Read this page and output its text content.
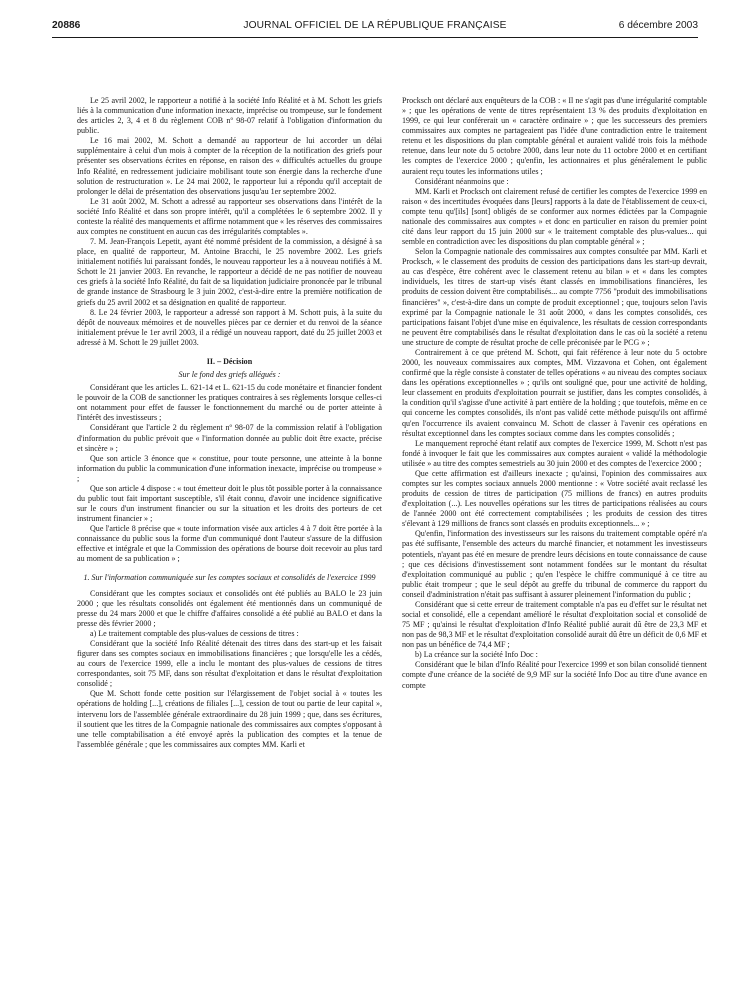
20886	JOURNAL OFFICIEL DE LA RÉPUBLIQUE FRANÇAISE	6 décembre 2003

Le 25 avril 2002, le rapporteur a notifié à la société Info Réalité et à M. Schott les griefs liés à la communication d'une information inexacte, imprécise ou trompeuse, sur le fondement des articles 2, 3, 4 et 8 du règlement COB nº 98-07 relatif à l'obligation d'information du public.

Le 16 mai 2002, M. Schott a demandé au rapporteur de lui accorder un délai supplémentaire à celui d'un mois à compter de la réception de la notification des griefs pour présenter ses observations écrites en réponse, en raison des « difficultés actuelles du groupe Info Réalité, en redressement judiciaire mobilisant toute son énergie dans la recherche d'une solution de restructuration ». Le 24 mai 2002, le rapporteur lui a répondu qu'il acceptait de prolonger le délai de présentation des observations jusqu'au 1er septembre 2002.

Le 31 août 2002, M. Schott a adressé au rapporteur ses observations dans l'intérêt de la société Info Réalité et dans son propre intérêt, qu'il a complétées le 6 septembre 2002. Il y conteste la réalité des manquements et affirme notamment que « les réserves des commissaires aux comptes ne constituent en aucun cas des irrégularités comptables ».

7. M. Jean-François Lepetit, ayant été nommé président de la commission, a désigné à sa place, en qualité de rapporteur, M. Antoine Bracchi, le 25 novembre 2002. Les griefs initialement notifiés lui paraissant fondés, le nouveau rapporteur les a à nouveau notifiés à M. Schott le 21 janvier 2003. En revanche, le rapporteur a décidé de ne pas notifier de nouveau ces griefs à la société Info Réalité, du fait de sa liquidation judiciaire prononcée par le tribunal de grande instance de Strasbourg le 3 juin 2002, c'est-à-dire entre la première notification de griefs du 25 avril 2002 et sa désignation en qualité de rapporteur.

8. Le 24 février 2003, le rapporteur a adressé son rapport à M. Schott puis, à la suite du dépôt de nouveaux mémoires et de nouvelles pièces par ce dernier et du renvoi de la séance initialement prévue le 1er avril 2003, il a rédigé un nouveau rapport, daté du 25 juillet 2003 et adressé à M. Schott le 29 juillet 2003.

II. – Décision

Sur le fond des griefs allégués :

Considérant que les articles L. 621-14 et L. 621-15 du code monétaire et financier fondent le pouvoir de la COB de sanctionner les pratiques contraires à ses règlements lorsque celles-ci ont notamment pour effet de fausser le fonctionnement du marché ou de porter atteinte à l'intérêt des investisseurs ;

Considérant que l'article 2 du règlement nº 98-07 de la commission relatif à l'obligation d'information du public prévoit que « l'information donnée au public doit être exacte, précise et sincère » ;

Que son article 3 énonce que « constitue, pour toute personne, une atteinte à la bonne information du public la communication d'une information inexacte, imprécise ou trompeuse » ;

Que son article 4 dispose : « tout émetteur doit le plus tôt possible porter à la connaissance du public tout fait important susceptible, s'il était connu, d'avoir une incidence significative sur le cours d'un instrument financier ou sur la situation et les droits des porteurs de cet instrument financier » ;

Que l'article 8 précise que « toute information visée aux articles 4 à 7 doit être portée à la connaissance du public sous la forme d'un communiqué dont l'auteur s'assure de la diffusion effective et intégrale et que la Commission des opérations de bourse doit recevoir au plus tard au moment de sa publication » ;

1. Sur l'information communiquée sur les comptes sociaux et consolidés de l'exercice 1999

Considérant que les comptes sociaux et consolidés ont été publiés au BALO le 23 juin 2000 ; que les résultats consolidés ont également été mentionnés dans un communiqué de presse du 24 mars 2000 et que le chiffre d'affaires consolidé a été publié au BALO et dans la presse dès février 2000 ;

a) Le traitement comptable des plus-values de cessions de titres :

Considérant que la société Info Réalité détenait des titres dans des start-up et les faisait figurer dans ses comptes sociaux en immobilisations financières ; que lorsqu'elle les a cédés, au cours de l'exercice 1999, elle a inclu le montant des plus-values de cessions de titres correspondantes, soit 75 MF, dans son résultat d'exploitation et dans le résultat d'exploitation consolidé ;

Que M. Schott fonde cette position sur l'élargissement de l'objet social à « toutes les opérations de holding [...], créations de filiales [...], cession de tout ou partie de leur capital », intervenu lors de l'assemblée générale extraordinaire du 28 juin 1999 ; que, dans ses écritures, il soutient que les titres de la Compagnie nationale des commissaires aux comptes s'opposant à une telle comptabilisation a été envoyé après la publication des comptes et la tenue de l'assemblée générale ; que les commissaires aux comptes MM. Karli et

Procksch ont déclaré aux enquêteurs de la COB : « Il ne s'agit pas d'une irrégularité comptable » ; que les opérations de vente de titres représentaient 13 % des produits d'exploitation en 1999, ce qui leur conférerait un « caractère ordinaire » ; que les successeurs des premiers commissaires aux comptes ne partageaient pas l'idée d'une contradiction entre le traitement retenu et les dispositions du plan comptable général et auraient validé trois fois la méthode retenue, dans leur note du 5 octobre 2000, dans leur note du 11 octobre 2000 et en certifiant les comptes de l'exercice 2000 ; qu'enfin, les actionnaires et plus généralement le public auraient reçu toutes les informations utiles ;

Considérant néanmoins que :

MM. Karli et Procksch ont clairement refusé de certifier les comptes de l'exercice 1999 en raison « des incertitudes évoquées dans [leurs] rapports à la date de l'établissement de ceux-ci, compte tenu qu'[ils] [sont] obligés de se conformer aux normes édictées par la Compagnie nationale des commissaires aux comptes » et donc en particulier en raison du premier point cité dans leur rapport du 15 juin 2000 sur « le traitement comptable des plus-values... qui semble en contradiction avec les dispositions du plan comptable général » ;

Selon la Compagnie nationale des commissaires aux comptes consultée par MM. Karli et Procksch, « le classement des produits de cession des participations dans les start-up devrait, au cas d'espèce, être cohérent avec le classement retenu au bilan » et « dans les comptes individuels, les titres de start-up visés étant classés en immobilisations financières, les produits de cession doivent être comptabilisés... au compte 7756 "produit des immobilisations financières" », c'est-à-dire dans un compte de produit exceptionnel ; que, toujours selon l'avis exprimé par la Compagnie nationale le 31 août 2000, « dans les comptes consolidés, ces participations faisant l'objet d'une mise en équivalence, les résultats de cession correspondants ne peuvent être comptabilisés dans le résultat d'exploitation dans le cas où la société a retenu une structure de compte de résultat proche de celle préconisée par le PCG » ;

Contrairement à ce que prétend M. Schott, qui fait référence à leur note du 5 octobre 2000, les nouveaux commissaires aux comptes, MM. Vizzavona et Cohen, ont également confirmé que la règle consiste à constater de telles opérations « au niveau des comptes sociaux dans les opérations exceptionnelles » ; qu'ils ont souligné que, pour une activité de holding, leur classement en produits d'exploitation pourrait se justifier, dans les comptes consolidés, à la condition qu'il s'agisse d'une activité à part entière de la holding ; que toutefois, même en ce qui concerne les comptes consolidés, ils n'ont pas validé cette méthode puisqu'ils ont affirmé qu'en l'occurrence ils avaient convaincu M. Schott de classer à l'avenir ces opérations en résultat exceptionnel dans les comptes sociaux comme dans les comptes consolidés ;

Le manquement reproché étant relatif aux comptes de l'exercice 1999, M. Schott n'est pas fondé à invoquer le fait que les commissaires aux comptes auraient « validé la méthodologie utilisée » au titre des comptes semestriels au 30 juin 2000 et des comptes de l'exercice 2000 ;

Que cette affirmation est d'ailleurs inexacte ; qu'ainsi, l'opinion des commissaires aux comptes sur les comptes sociaux annuels 2000 mentionne : « Votre société avait reclassé les produits de cession de titres de participation (75 millions de francs) en autres produits d'exploitation (...). Les nouvelles opérations sur les titres de participations réalisées au cours de l'année 2000 ont été correctement comptabilisées ; les produits de cession des titres s'élevant à 129 millions de francs sont classés en produits exceptionnels... » ;

Qu'enfin, l'information des investisseurs sur les raisons du traitement comptable opéré n'a pas été suffisante, l'ensemble des acteurs du marché financier, et notamment les investisseurs potentiels, n'ayant pas été en mesure de prendre leurs décisions en toute connaissance de cause ; que ces décisions d'investissement sont notamment fondées sur le montant du résultat d'exploitation communiqué au public ; qu'en l'espèce le chiffre communiqué à ce titre au public était trompeur ; que le seul dépôt au greffe du tribunal de commerce du rapport du conseil d'administration n'était pas suffisant à assurer pleinement l'information du public ;

Considérant que si cette erreur de traitement comptable n'a pas eu d'effet sur le résultat net social et consolidé, elle a cependant amélioré le résultat d'exploitation social et consolidé de 75 MF ; qu'ainsi le résultat d'exploitation d'Info Réalité publié aurait dû être de 23,3 MF et non pas de 98,3 MF et le résultat d'exploitation consolidé aurait dû être un déficit de 0,6 MF et non pas un bénéfice de 74,4 MF ;

b) La créance sur la société Info Doc :

Considérant que le bilan d'Info Réalité pour l'exercice 1999 et son bilan consolidé tiennent compte d'une créance de la société de 9,9 MF sur la société Info Doc au titre d'une avance en compte
